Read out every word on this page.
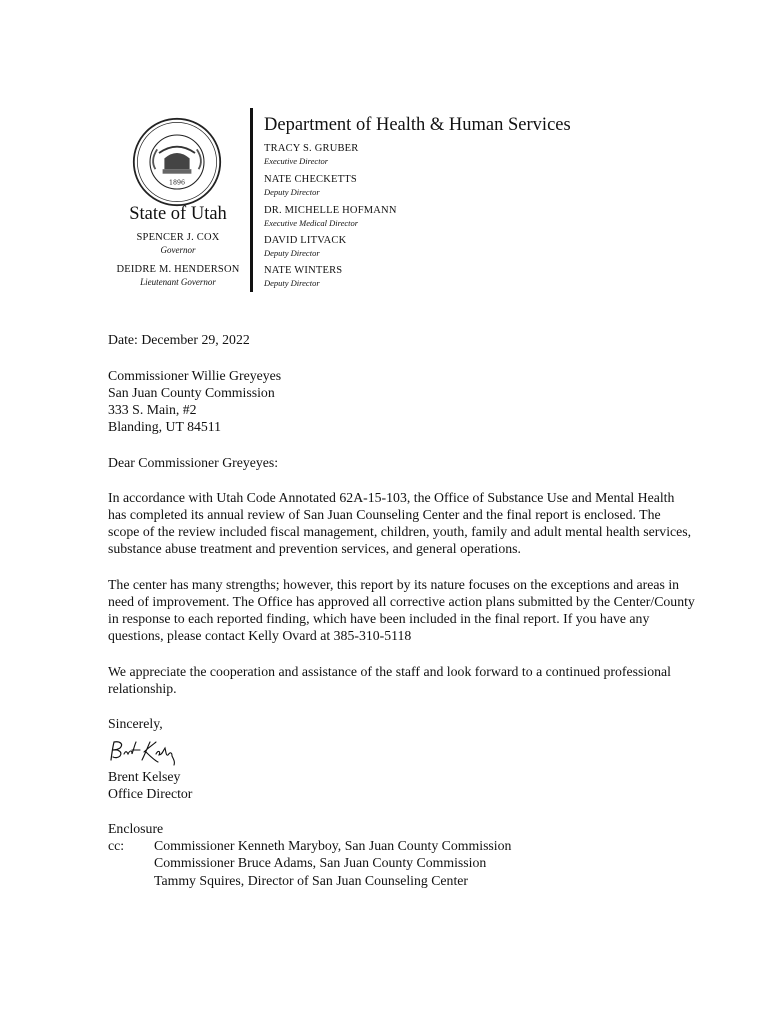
1896
State of Utah
SPENCER J. COX
Governor
DEIDRE M. HENDERSON
Lieutenant Governor
Department of Health & Human Services
TRACY S. GRUBER
Executive Director
NATE CHECKETTS
Deputy Director
DR. MICHELLE HOFMANN
Executive Medical Director
DAVID LITVACK
Deputy Director
NATE WINTERS
Deputy Director
Date: December 29, 2022
Commissioner Willie Greyeyes
San Juan County Commission
333 S. Main, #2
Blanding, UT 84511
Dear Commissioner Greyeyes:
In accordance with Utah Code Annotated 62A-15-103, the Office of Substance Use and Mental Health
has completed its annual review of San Juan Counseling Center and the final report is enclosed. The
scope of the review included fiscal management, children, youth, family and adult mental health services,
substance abuse treatment and prevention services, and general operations.
The center has many strengths; however, this report by its nature focuses on the exceptions and areas in
need of improvement. The Office has approved all corrective action plans submitted by the Center/County
in response to each reported finding, which have been included in the final report. If you have any
questions, please contact Kelly Ovard at 385-310-5118
We appreciate the cooperation and assistance of the staff and look forward to a continued professional
relationship.
Sincerely,
Brent Kelsey
Office Director
Enclosure
cc: Commissioner Kenneth Maryboy, San Juan County Commission
Commissioner Bruce Adams, San Juan County Commission
Tammy Squires, Director of San Juan Counseling Center
